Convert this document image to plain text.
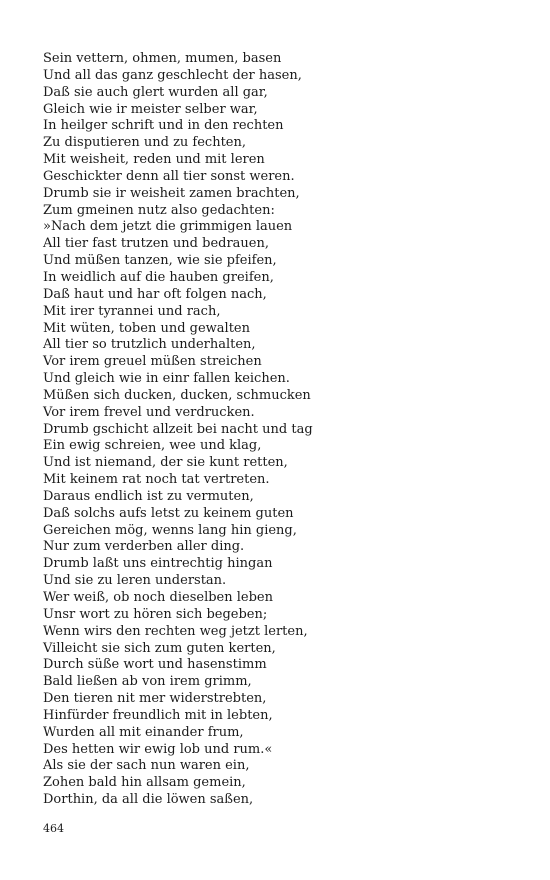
Sein vettern, ohmen, mumen, basen
Und all das ganz geschlecht der hasen,
Daß sie auch glert wurden all gar,
Gleich wie ir meister selber war,
In heilger schrift und in den rechten
Zu disputieren und zu fechten,
Mit weisheit, reden und mit leren
Geschickter denn all tier sonst weren.
Drumb sie ir weisheit zamen brachten,
Zum gmeinen nutz also gedachten:
»Nach dem jetzt die grimmigen lauen
All tier fast trutzen und bedrauen,
Und müßen tanzen, wie sie pfeifen,
In weidlich auf die hauben greifen,
Daß haut und har oft folgen nach,
Mit irer tyrannei und rach,
Mit wüten, toben und gewalten
All tier so trutzlich underhalten,
Vor irem greuel müßen streichen
Und gleich wie in einr fallen keichen.
Müßen sich ducken, ducken, schmucken
Vor irem frevel und verdrucken.
Drumb gschicht allzeit bei nacht und tag
Ein ewig schreien, wee und klag,
Und ist niemand, der sie kunt retten,
Mit keinem rat noch tat vertreten.
Daraus endlich ist zu vermuten,
Daß solchs aufs letst zu keinem guten
Gereichen mög, wenns lang hin gieng,
Nur zum verderben aller ding.
Drumb laßt uns eintrechtig hingan
Und sie zu leren understan.
Wer weiß, ob noch dieselben leben
Unsr wort zu hören sich begeben;
Wenn wirs den rechten weg jetzt lerten,
Villeicht sie sich zum guten kerten,
Durch süße wort und hasenstimm
Bald ließen ab von irem grimm,
Den tieren nit mer widerstrebten,
Hinfürder freundlich mit in lebten,
Wurden all mit einander frum,
Des hetten wir ewig lob und rum.«
Als sie der sach nun waren ein,
Zohen bald hin allsam gemein,
Dorthin, da all die löwen saßen,
464
